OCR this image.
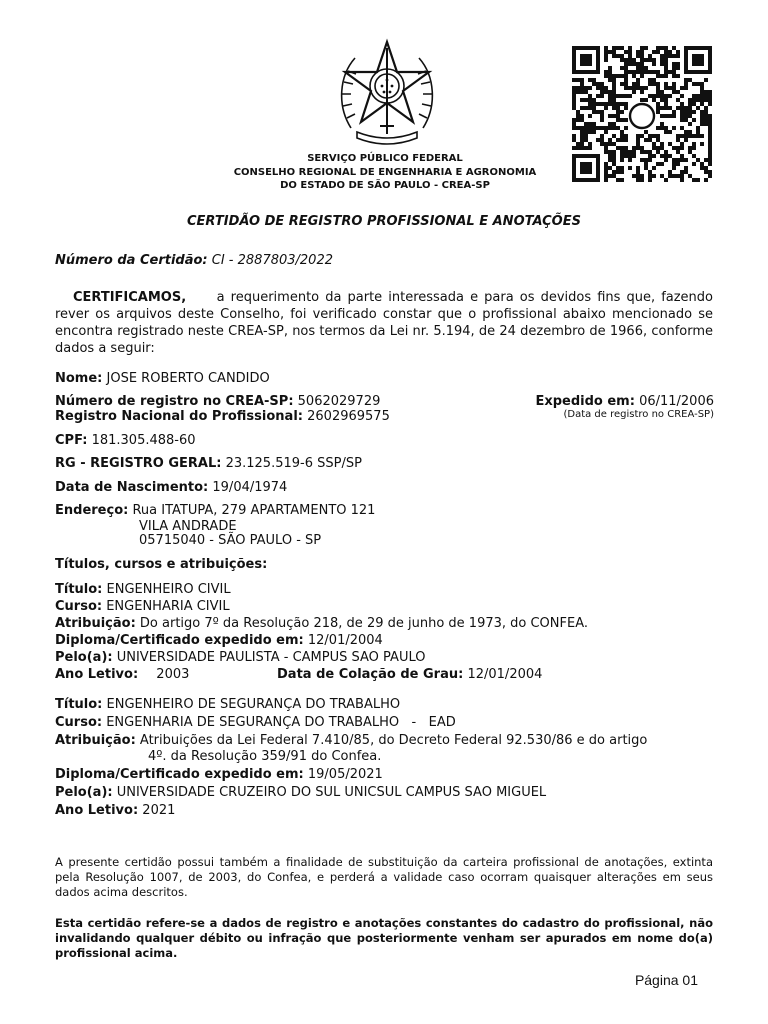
SERVIÇO PÚBLICO FEDERAL
CONSELHO REGIONAL DE ENGENHARIA E AGRONOMIA
DO ESTADO DE SÃO PAULO - CREA-SP
CERTIDÃO DE REGISTRO PROFISSIONAL E ANOTAÇÕES
Número da Certidão: CI - 2887803/2022
CERTIFICAMOS, a requerimento da parte interessada e para os devidos fins que, fazendo rever os arquivos deste Conselho, foi verificado constar que o profissional abaixo mencionado se encontra registrado neste CREA-SP, nos termos da Lei nr. 5.194, de 24 dezembro de 1966, conforme dados a seguir:
Nome: JOSE ROBERTO CANDIDO
Número de registro no CREA-SP: 5062029729
Registro Nacional do Profissional: 2602969575
Expedido em: 06/11/2006
(Data de registro no CREA-SP)
CPF: 181.305.488-60
RG - REGISTRO GERAL: 23.125.519-6 SSP/SP
Data de Nascimento: 19/04/1974
Endereço: Rua ITATUPA, 279 APARTAMENTO 121
VILA ANDRADE
05715040 - SÃO PAULO - SP
Títulos, cursos e atribuições:
Título: ENGENHEIRO CIVIL
Curso: ENGENHARIA CIVIL
Atribuição: Do artigo 7º da Resolução 218, de 29 de junho de 1973, do CONFEA.
Diploma/Certificado expedido em: 12/01/2004
Pelo(a): UNIVERSIDADE PAULISTA - CAMPUS SAO PAULO
Ano Letivo: 2003	Data de Colação de Grau: 12/01/2004
Título: ENGENHEIRO DE SEGURANÇA DO TRABALHO
Curso: ENGENHARIA DE SEGURANÇA DO TRABALHO   -   EAD
Atribuição: Atribuições da Lei Federal 7.410/85, do Decreto Federal 92.530/86 e do artigo
4º. da Resolução 359/91 do Confea.
Diploma/Certificado expedido em: 19/05/2021
Pelo(a): UNIVERSIDADE CRUZEIRO DO SUL UNICSUL CAMPUS SAO MIGUEL
Ano Letivo: 2021
A presente certidão possui também a finalidade de substituição da carteira profissional de anotações, extinta pela Resolução 1007, de 2003, do Confea, e perderá a validade caso ocorram quaisquer alterações em seus dados acima descritos.
Esta certidão refere-se a dados de registro e anotações constantes do cadastro do profissional, não invalidando qualquer débito ou infração que posteriormente venham ser apurados em nome do(a) profissional acima.
Página 01
